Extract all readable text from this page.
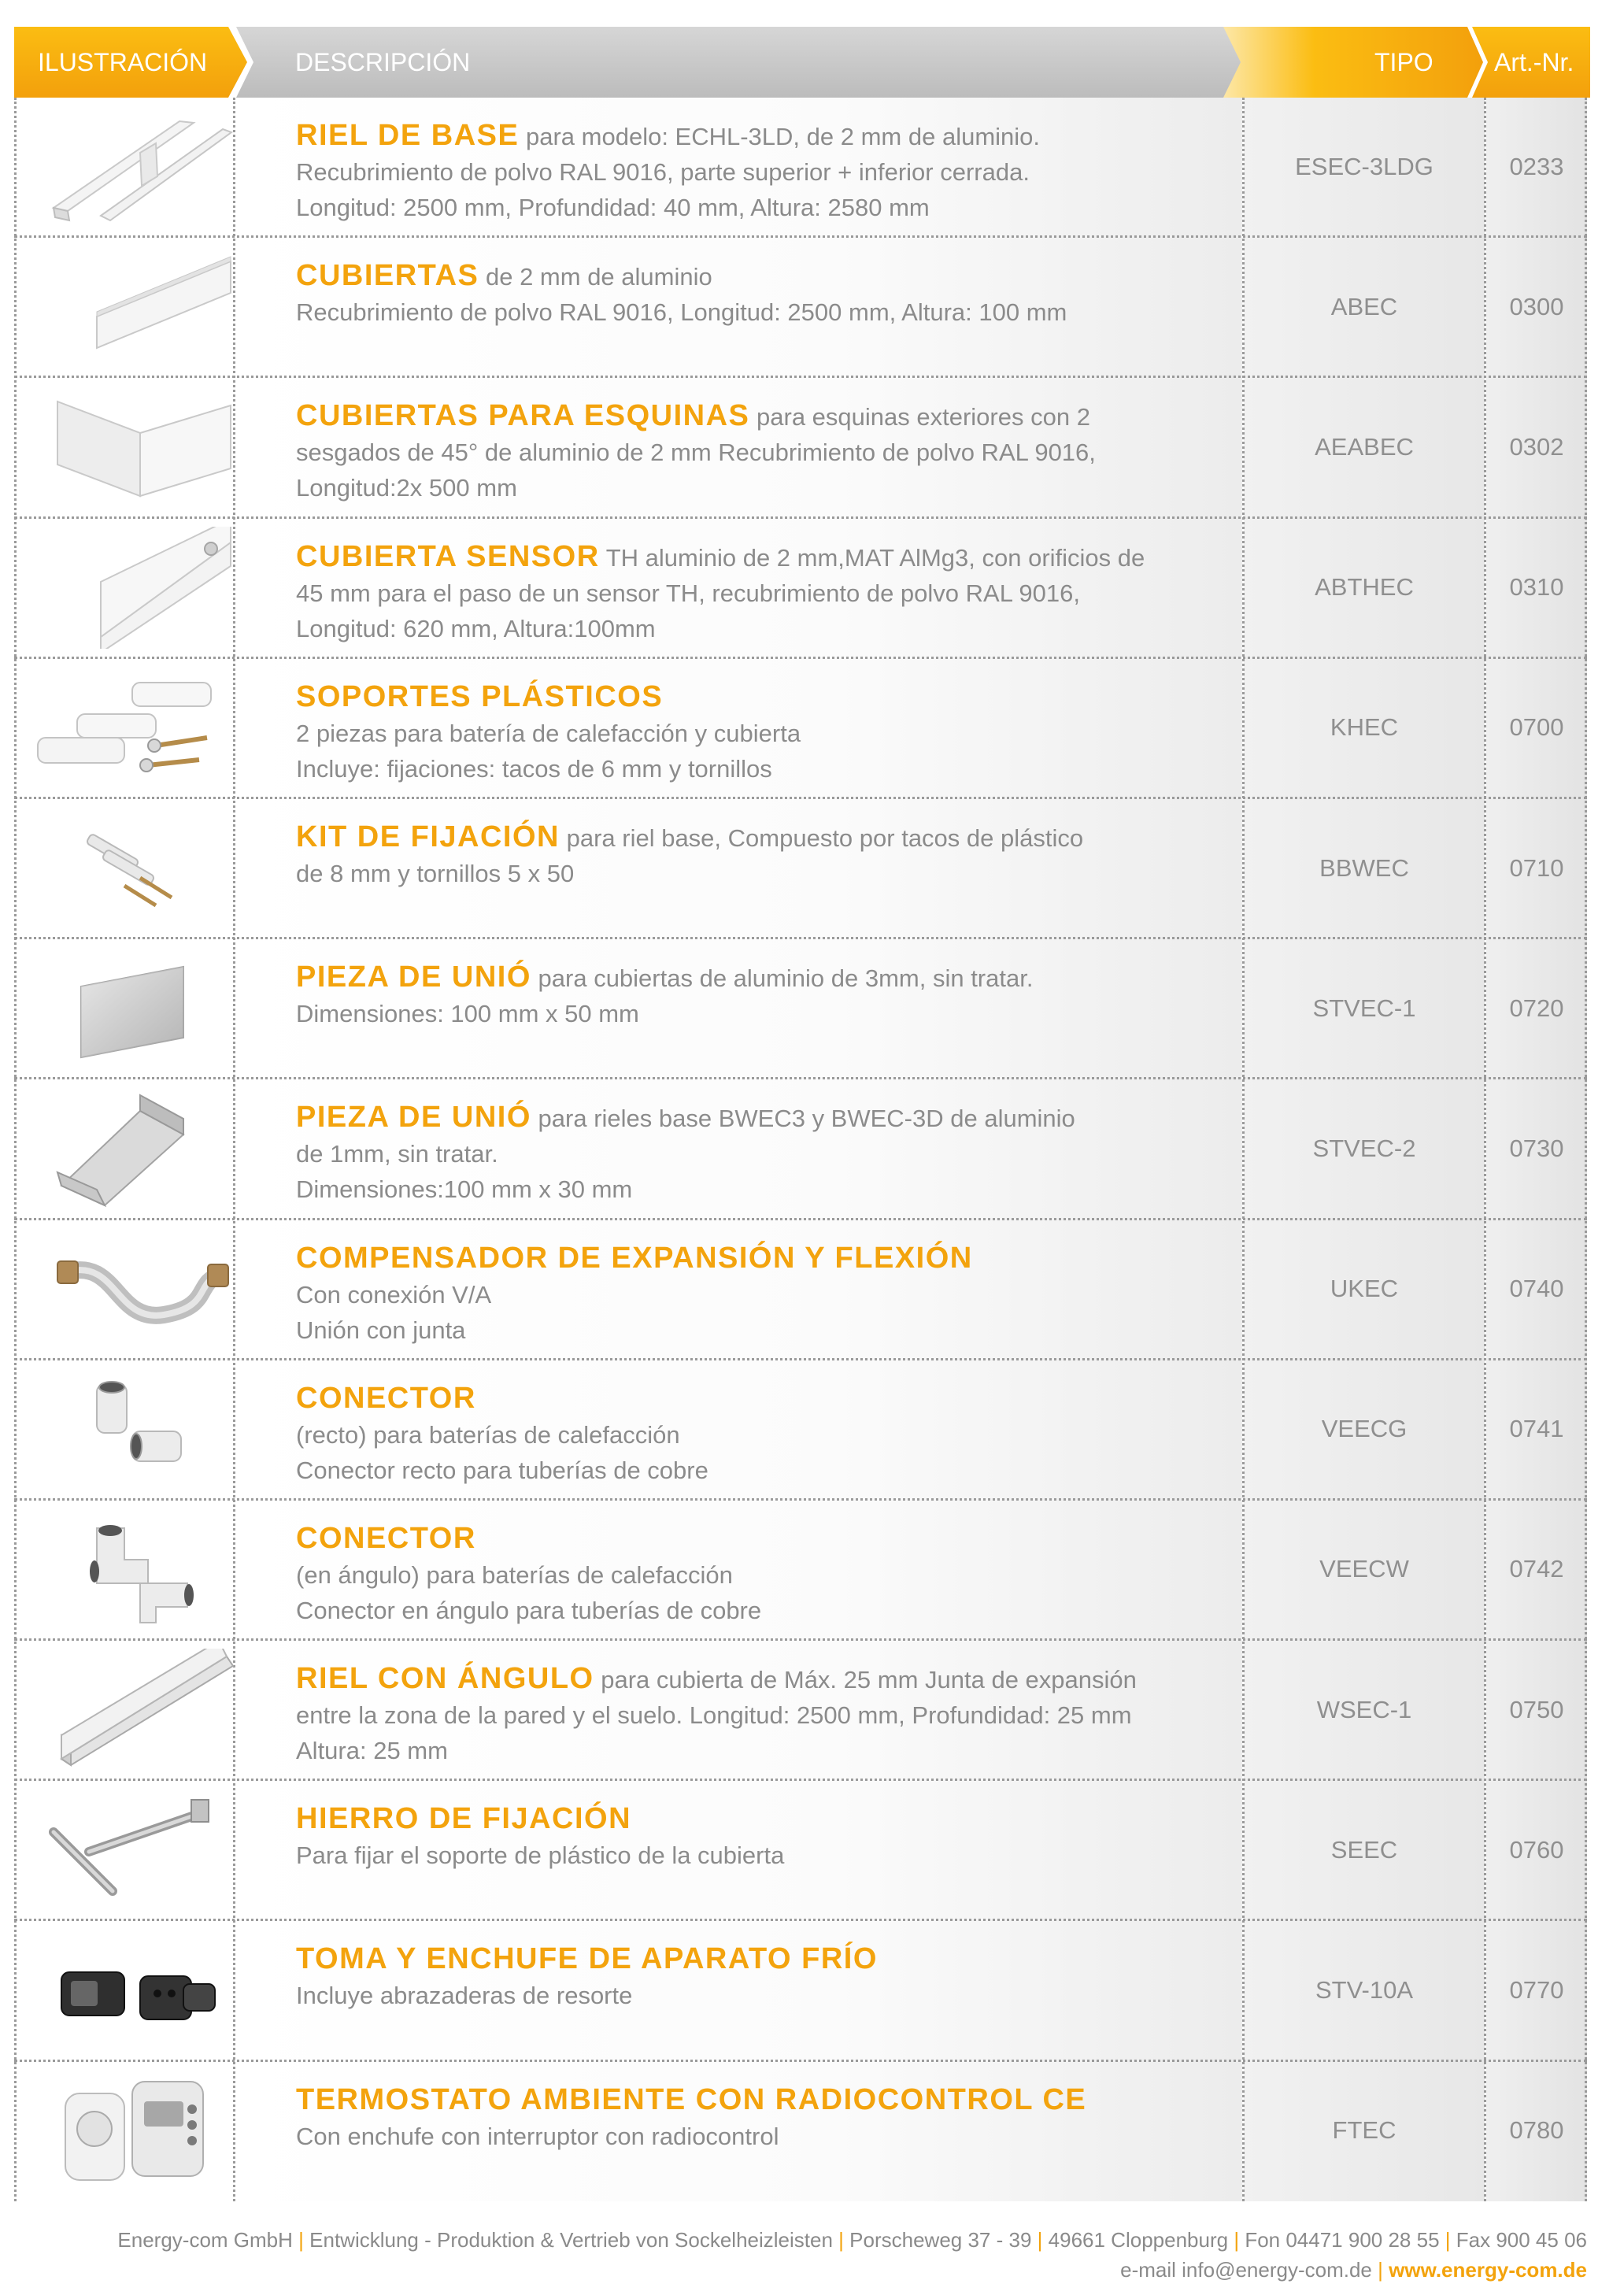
ILUSTRACIÓN	DESCRIPCIÓN	TIPO Art.-Nr.
RIEL DE BASE para modelo: ECHL-3LD, de 2 mm de aluminio.
Recubrimiento de polvo RAL 9016, parte superior + inferior cerrada.
Longitud: 2500 mm, Profundidad: 40 mm, Altura: 2580 mm
ESEC-3LDG	0233
CUBIERTAS de 2 mm de aluminio
Recubrimiento de polvo RAL 9016, Longitud: 2500 mm, Altura: 100 mm	ABEC	0300
CUBIERTAS PARA ESQUINAS para esquinas exteriores con 2
sesgados de 45° de aluminio de 2 mm Recubrimiento de polvo RAL 9016,
Longitud:2x 500 mm
AEABEC	0302
CUBIERTA SENSOR TH aluminio de 2 mm,MAT AlMg3, con orificios de
45 mm para el paso de un sensor TH, recubrimiento de polvo RAL 9016,
Longitud: 620 mm, Altura:100mm
ABTHEC	0310
SOPORTES PLÁSTICOS
2 piezas para batería de calefacción y cubierta
Incluye: fijaciones: tacos de 6 mm y tornillos
KHEC	0700
KIT DE FIJACIÓN para riel base, Compuesto por tacos de plástico
de 8 mm y tornillos 5 x 50	BBWEC	0710
PIEZA DE UNIÓ para cubiertas de aluminio de 3mm, sin tratar.
Dimensiones: 100 mm x 50 mm	STVEC-1	0720
PIEZA DE UNIÓ para rieles base BWEC3 y BWEC-3D de aluminio
de 1mm, sin tratar.
Dimensiones:100 mm x 30 mm
STVEC-2	0730
COMPENSADOR DE EXPANSIÓN Y FLEXIÓN
Con conexión V/A
Unión con junta
UKEC	0740
CONECTOR
(recto) para baterías de calefacción
Conector recto para tuberías de cobre
VEECG	0741
CONECTOR
(en ángulo) para baterías de calefacción
Conector en ángulo para tuberías de cobre
VEECW	0742
RIEL CON ÁNGULO para cubierta de Máx. 25 mm Junta de expansión
entre la zona de la pared y el suelo. Longitud: 2500 mm, Profundidad: 25 mm
Altura: 25 mm
WSEC-1	0750
HIERRO DE FIJACIÓN
Para fijar el soporte de plástico de la cubierta	SEEC	0760
TOMA Y ENCHUFE DE APARATO FRÍO
Incluye abrazaderas de resorte	STV-10A	0770
TERMOSTATO AMBIENTE CON RADIOCONTROL CE
Con enchufe con interruptor con radiocontrol	FTEC	0780
Energy-com GmbH | Entwicklung - Produktion & Vertrieb von Sockelheizleisten | Porscheweg 37 - 39 | 49661 Cloppenburg | Fon 04471 900 28 55 | Fax 900 45 06
e-mail info@energy-com.de | www.energy-com.de
